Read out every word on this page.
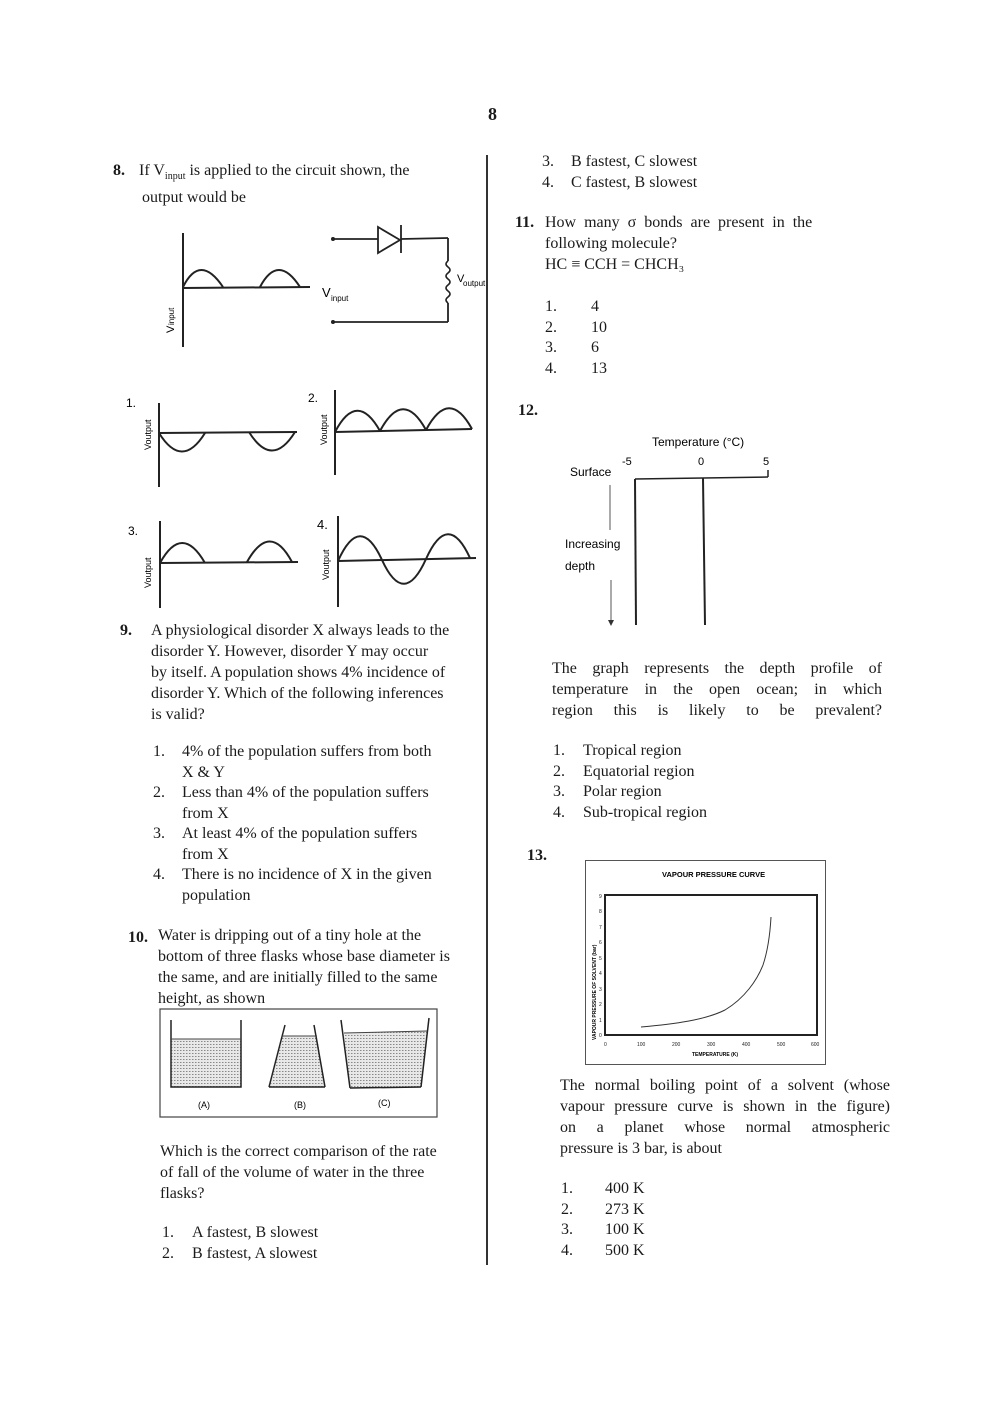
8
8. If $V_{input}$ is applied to the circuit shown, the
output would be
V
input
V input
V
output
1.
Voutput
2.
Voutput
3.
Voutput
4.
Voutput
9. A physiological disorder X always leads to the
disorder Y. However, disorder Y may occur
by itself. A population shows 4% incidence of
disorder Y. Which of the following inferences
is valid?
1. 4% of the population suffers from both
X & Y
2. Less than 4% of the population suffers
from X
3. At least 4% of the population suffers
from X
4. There is no incidence of X in the given
population
10. Water is dripping out of a tiny hole at the
bottom of three flasks whose base diameter is
the same, and are initially filled to the same
height, as shown
(A)	(B)	(C)
Which is the correct comparison of the rate
of fall of the volume of water in the three
flasks?
1. A fastest, B slowest
2. B fastest, A slowest
3. B fastest, C slowest
4. C fastest, B slowest
11. How many σ bonds are present in the
following molecule?
HC ≡ CCH = CHCH₃
1. 4
2. 10
3. 6
4. 13
12.
Temperature (°C)
-5	0	5
Surface
Increasing
depth
The graph represents the depth profile of
temperature in the open ocean; in which
region this is likely to be prevalent?
1. Tropical region
2. Equatorial region
3. Polar region
4. Sub-tropical region
13.
VAPOUR PRESSURE CURVE
0
1
2
3
4
5
6
7
8
9
VAPOUR PRESSURE OF SOLVENT (bar)
0	100	200	300	400	500	600
TEMPERATURE (K)
The normal boiling point of a solvent (whose
vapour pressure curve is shown in the figure)
on a planet whose normal atmospheric
pressure is 3 bar, is about
1. 400 K
2. 273 K
3. 100 K
4. 500 K
